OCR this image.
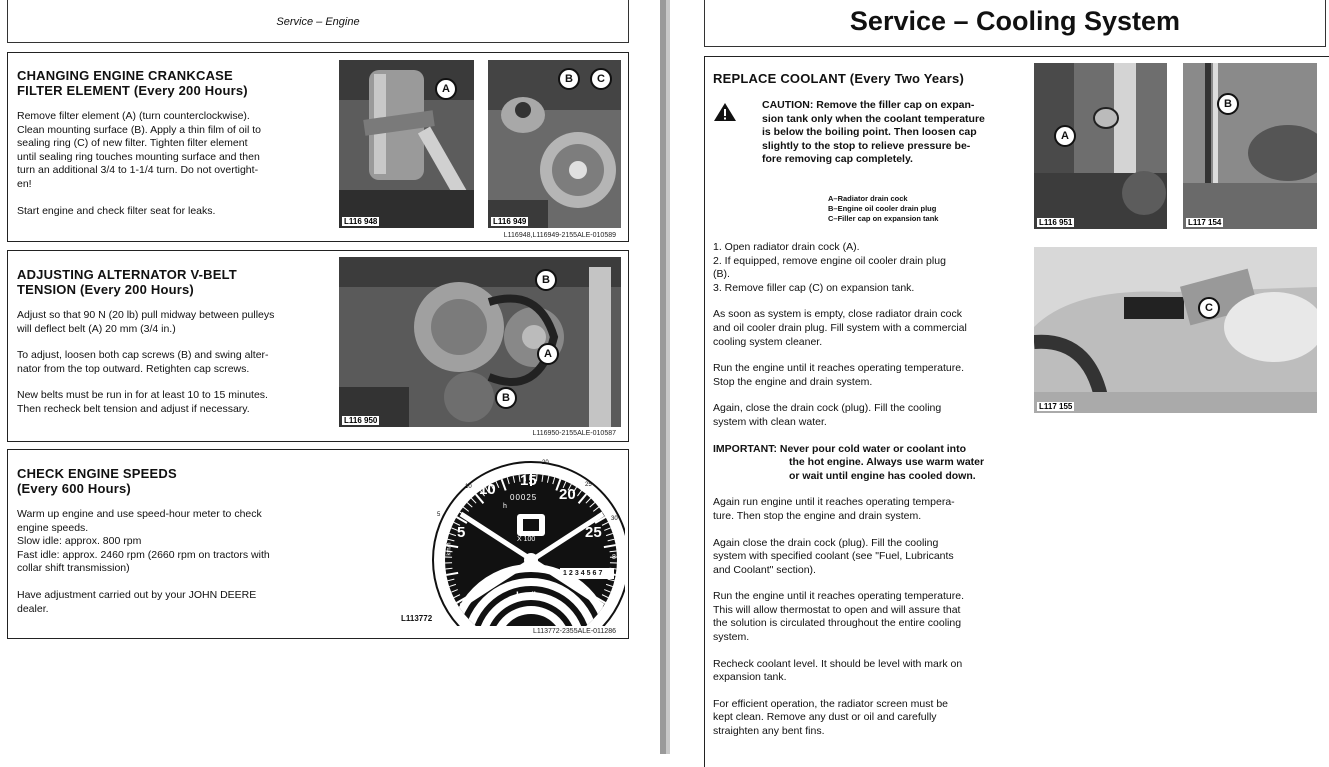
Service – Engine
CHANGING ENGINE CRANKCASE
FILTER ELEMENT (Every 200 Hours)
Remove filter element (A) (turn counterclockwise).
Clean mounting surface (B). Apply a thin film of oil to
sealing ring (C) of new filter. Tighten filter element
until sealing ring touches mounting surface and then
turn an additional 3/4 to 1-1/4 turn. Do not overtight-
en!
Start engine and check filter seat for leaks.
A
L116 948
B	C
L116 949
L116948,L116949-2155ALE-010589
ADJUSTING ALTERNATOR V-BELT
TENSION (Every 200 Hours)
Adjust so that 90 N (20 lb) pull midway between pulleys
will deflect belt (A) 20 mm (3/4 in.)
To adjust, loosen both cap screws (B) and swing alter-
nator from the top outward. Retighten cap screws.
New belts must be run in for at least 10 to 15 minutes.
Then recheck belt tension and adjust if necessary.
B
A
B
L116 950
L116950-2155ALE-010587
CHECK ENGINE SPEEDS
(Every 600 Hours)
Warm up engine and use speed-hour meter to check
engine speeds.
Slow idle: approx. 800 rpm
Fast idle: approx. 2460 rpm (2660 rpm on tractors with
collar shift transmission)
Have adjustment carried out by your JOHN DEERE
dealer.
10
15
20
5	25
00025
h
X 100
VDO
km/h
km/h
1234567
8
15
20
10
5
25
30
L113772
L113772-2355ALE-011286
Service – Cooling System
REPLACE COOLANT (Every Two Years)
CAUTION: Remove the filler cap on expan-
sion tank only when the coolant temperature
is below the boiling point. Then loosen cap
slightly to the stop to relieve pressure be-
fore removing cap completely.
A–Radiator drain cock
B–Engine oil cooler drain plug
C–Filler cap on expansion tank
1. Open radiator drain cock (A).
2. If equipped, remove engine oil cooler drain plug
(B).
3. Remove filler cap (C) on expansion tank.
As soon as system is empty, close radiator drain cock
and oil cooler drain plug. Fill system with a commercial
cooling system cleaner.
Run the engine until it reaches operating temperature.
Stop the engine and drain system.
Again, close the drain cock (plug). Fill the cooling
system with clean water.
IMPORTANT: Never pour cold water or coolant into
the hot engine. Always use warm water
or wait until engine has cooled down.
Again run engine until it reaches operating tempera-
ture. Then stop the engine and drain system.
Again close the drain cock (plug). Fill the cooling
system with specified coolant (see "Fuel, Lubricants
and Coolant" section).
Run the engine until it reaches operating temperature.
This will allow thermostat to open and will assure that
the solution is circulated throughout the entire cooling
system.
Recheck coolant level. It should be level with mark on
expansion tank.
For efficient operation, the radiator screen must be
kept clean. Remove any dust or oil and carefully
straighten any bent fins.
A
L116 951
B
L117 154
C
L117 155
